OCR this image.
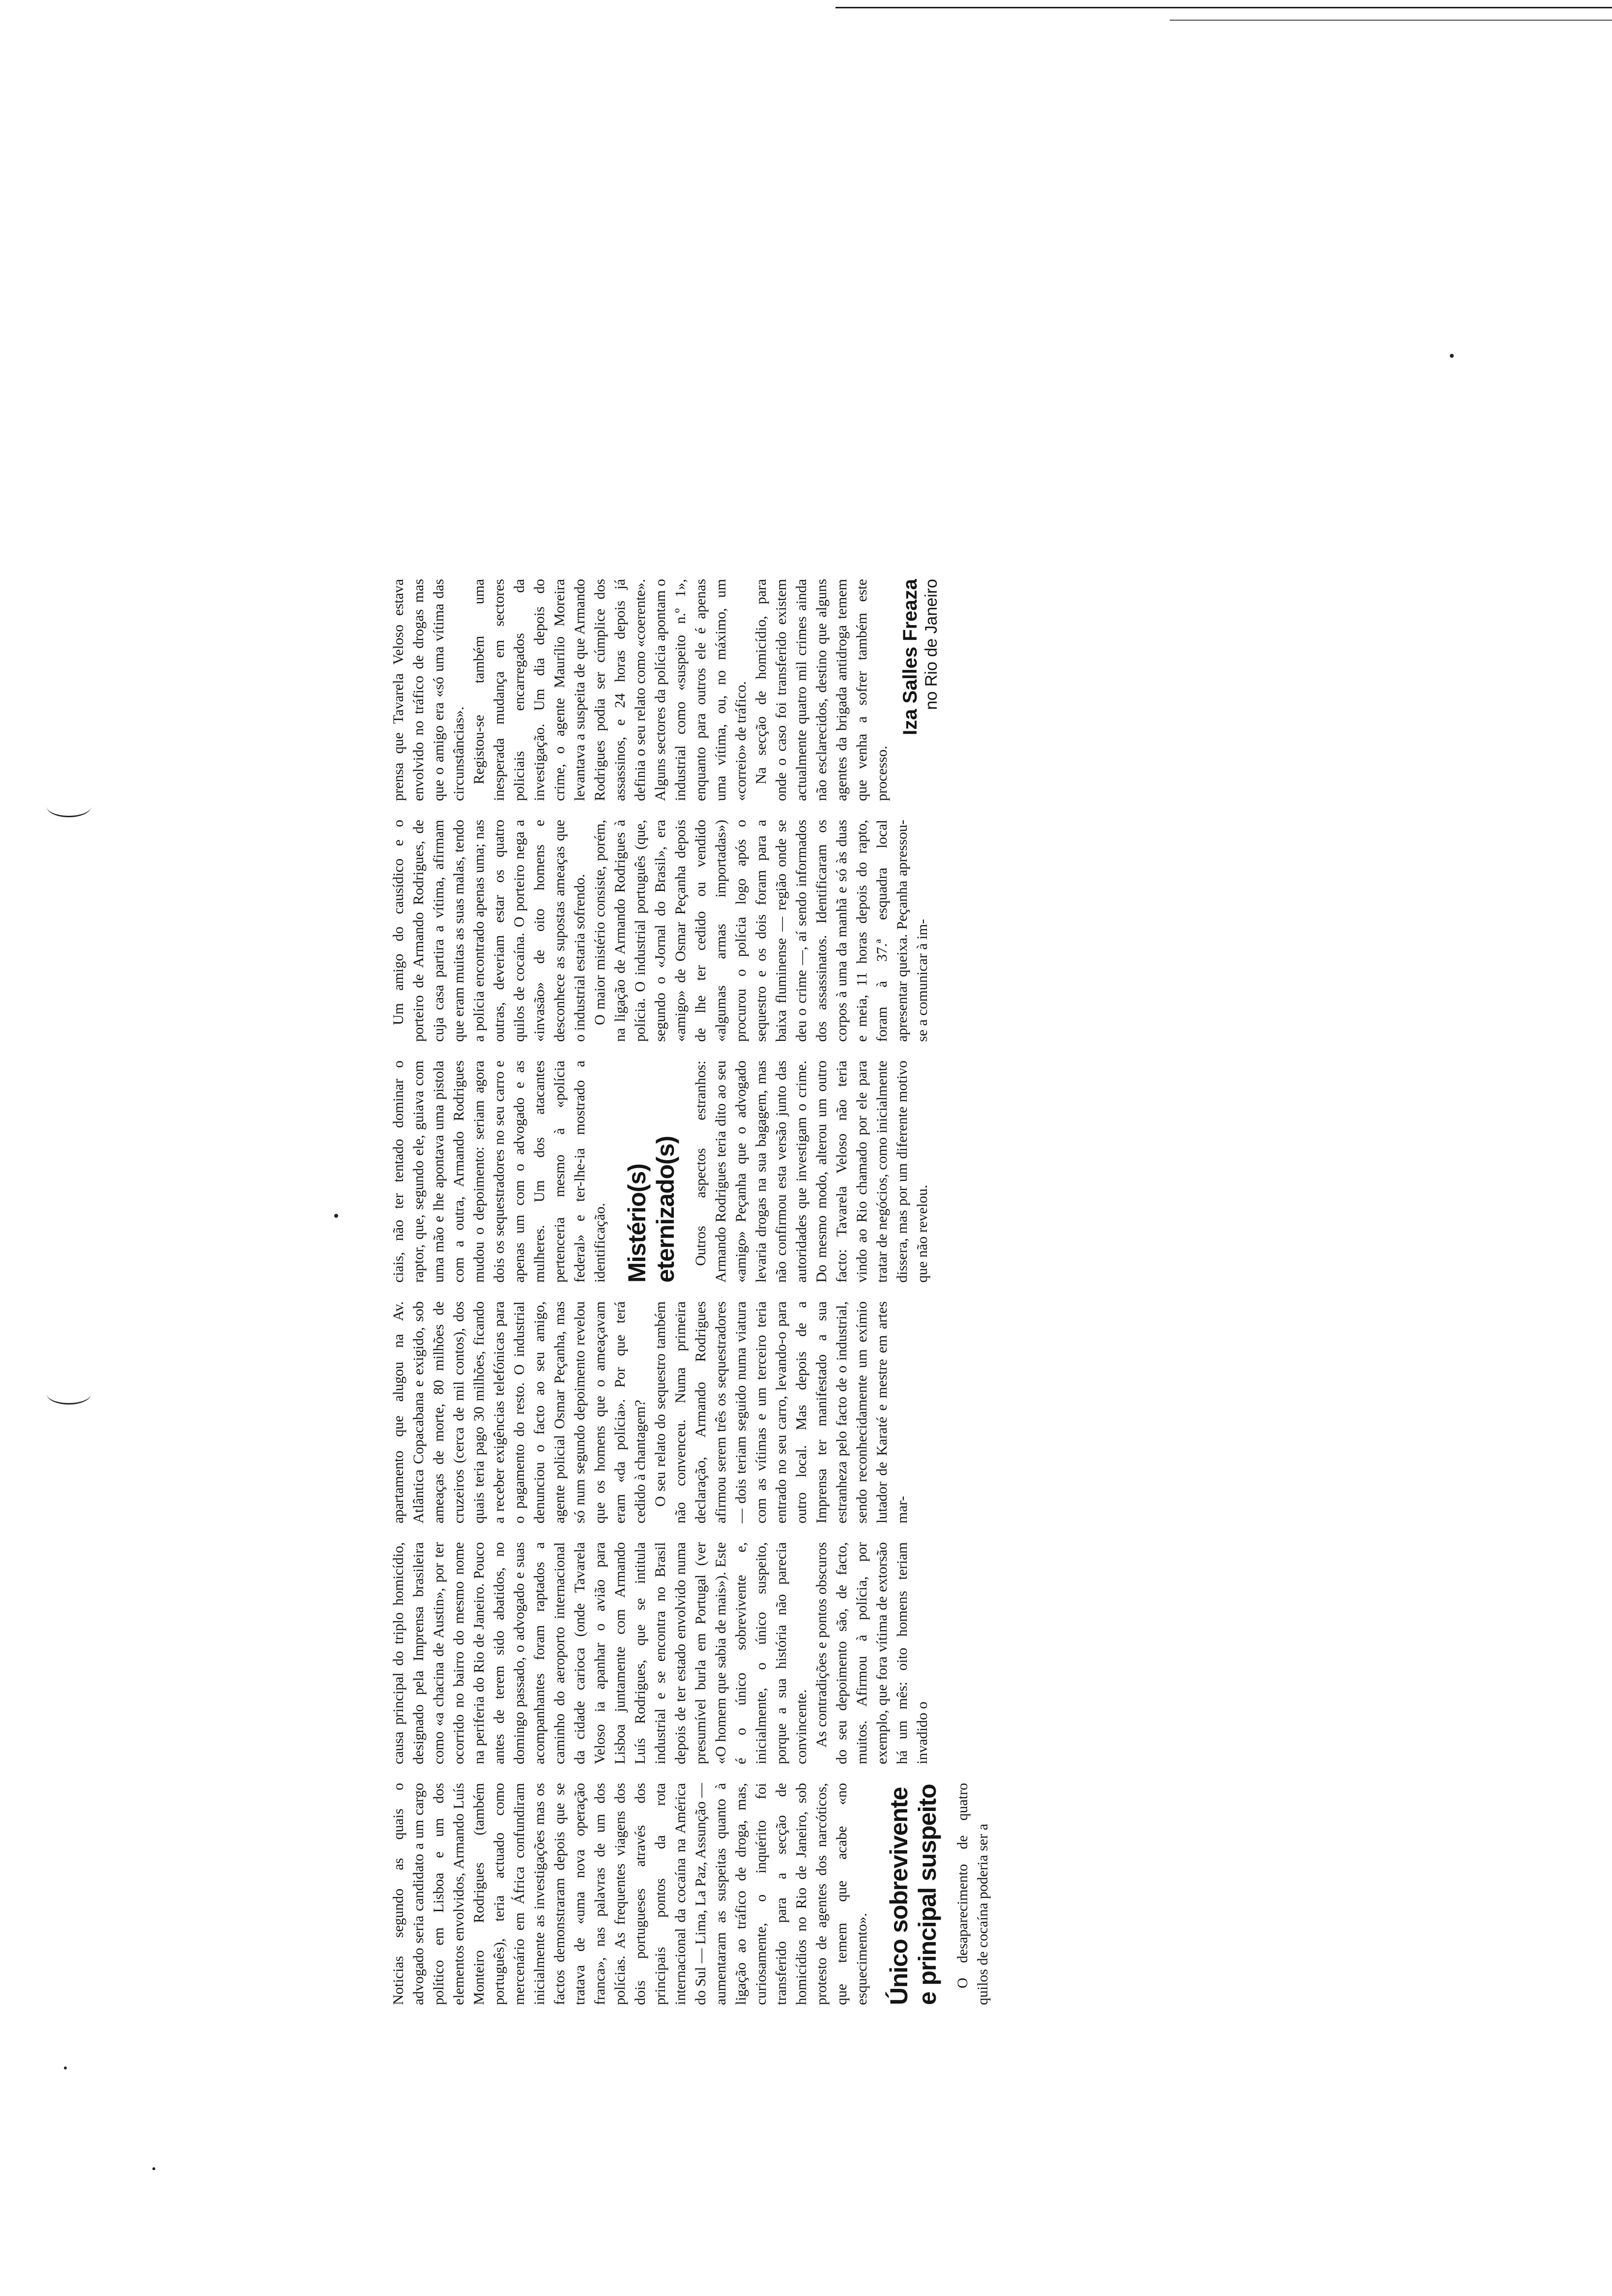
Noticias segundo as quais o advogado seria candidato a um cargo político em Lisboa e um dos elementos envolvidos, Armando Luís Monteiro Rodrigues (também português), teria actuado como mercenário em África confundiram inicialmente as investigações mas os factos demonstraram depois que se tratava de «uma nova operação franca», nas palavras de um dos polícias. As frequentes viagens dos dois portugueses através dos principais pontos da rota internacional da cocaína na América do Sul — Lima, La Paz, Assunção — aumentaram as suspeitas quanto à ligação ao tráfico de droga, mas, curiosamente, o inquérito foi transferido para a secção de homicídios no Rio de Janeiro, sob protesto de agentes dos narcóticos, que temem que acabe «no esquecimento». Único sobrevivente e principal suspeito O desaparecimento de quatro quilos de cocaína poderia ser a

causa principal do triplo homicídio, designado pela Imprensa brasileira como «a chacina de Austin», por ter ocorrido no bairro do mesmo nome na periferia do Rio de Janeiro. Pouco antes de terem sido abatidos, no domingo passado, o advogado e suas acompanhantes foram raptados a caminho do aeroporto internacional da cidade carioca (onde Tavarela Veloso ia apanhar o avião para Lisboa juntamente com Armando Luís Rodrigues, que se intitula industrial e se encontra no Brasil depois de ter estado envolvido numa presumível burla em Portugal (ver «O homem que sabia de mais»). Este é o único sobrevivente e, inicialmente, o único suspeito, porque a sua história não parecia convincente. As contradições e pontos obscuros do seu depoimento são, de facto, muitos. Afirmou à polícia, por exemplo, que fora vítima de extorsão há um mês: oito homens teriam invadido o

apartamento que alugou na Av. Atlântica Copacabana e exigido, sob ameaças de morte, 80 milhões de cruzeiros (cerca de mil contos), dos quais teria pago 30 milhões, ficando a receber exigências telefónicas para o pagamento do resto. O industrial denunciou o facto ao seu amigo, agente policial Osmar Peçanha, mas só num segundo depoimento revelou que os homens que o ameaçavam eram «da polícia». Por que terá cedido à chantagem? O seu relato do sequestro também não convenceu. Numa primeira declaração, Armando Rodrigues afirmou serem três os sequestradores — dois teriam seguido numa viatura com as vítimas e um terceiro teria entrado no seu carro, levando-o para outro local. Mas depois de a Imprensa ter manifestado a sua estranheza pelo facto de o industrial, sendo reconhecidamente um exímio lutador de Karaté e mestre em artes mar-

ciais, não ter tentado dominar o raptor, que, segundo ele, guiava com uma mão e lhe apontava uma pistola com a outra, Armando Rodrigues mudou o depoimento: seriam agora dois os sequestradores no seu carro e apenas um com o advogado e as mulheres. Um dos atacantes pertenceria mesmo à «polícia federal» e ter-lhe-ia mostrado a identificação. Mistério(s) eternizado(s) Outros aspectos estranhos: Armando Rodrigues teria dito ao seu «amigo» Peçanha que o advogado levaria drogas na sua bagagem, mas não confirmou esta versão junto das autoridades que investigam o crime. Do mesmo modo, alterou um outro facto: Tavarela Veloso não teria vindo ao Rio chamado por ele para tratar de negócios, como inicialmente dissera, mas por um diferente motivo que não revelou.

Um amigo do causídico e o porteiro de Armando Rodrigues, de cuja casa partira a vítima, afirmam que eram muitas as suas malas, tendo a polícia encontrado apenas uma; nas outras, deveriam estar os quatro quilos de cocaína. O porteiro nega a «invasão» de oito homens e desconhece as supostas ameaças que o industrial estaria sofrendo. O maior mistério consiste, porém, na ligação de Armando Rodrigues à polícia. O industrial português (que, segundo o «Jornal do Brasil», era «amigo» de Osmar Peçanha depois de lhe ter cedido ou vendido «algumas armas importadas») procurou o polícia logo após o sequestro e os dois foram para a baixa fluminense — região onde se deu o crime —, aí sendo informados dos assassinatos. Identificaram os corpos à uma da manhã e só às duas e meia, 11 horas depois do rapto, foram à 37.ª esquadra local apresentar queixa. Peçanha apressou-se a comunicar à im-

prensa que Tavarela Veloso estava envolvido no tráfico de drogas mas que o amigo era «só uma vítima das circunstâncias». Registou-se também uma inesperada mudança em sectores policiais encarregados da investigação. Um dia depois do crime, o agente Maurílio Moreira levantava a suspeita de que Armando Rodrigues podia ser cúmplice dos assassinos, e 24 horas depois já definia o seu relato como «coerente». Alguns sectores da polícia apontam o industrial como «suspeito n.º 1», enquanto para outros ele é apenas uma vítima, ou, no máximo, um «correio» de tráfico. Na secção de homicídio, para onde o caso foi transferido existem actualmente quatro mil crimes ainda não esclarecidos, destino que alguns agentes da brigada antidroga temem que venha a sofrer também este processo.

Iza Salles Freaza no Rio de Janeiro
